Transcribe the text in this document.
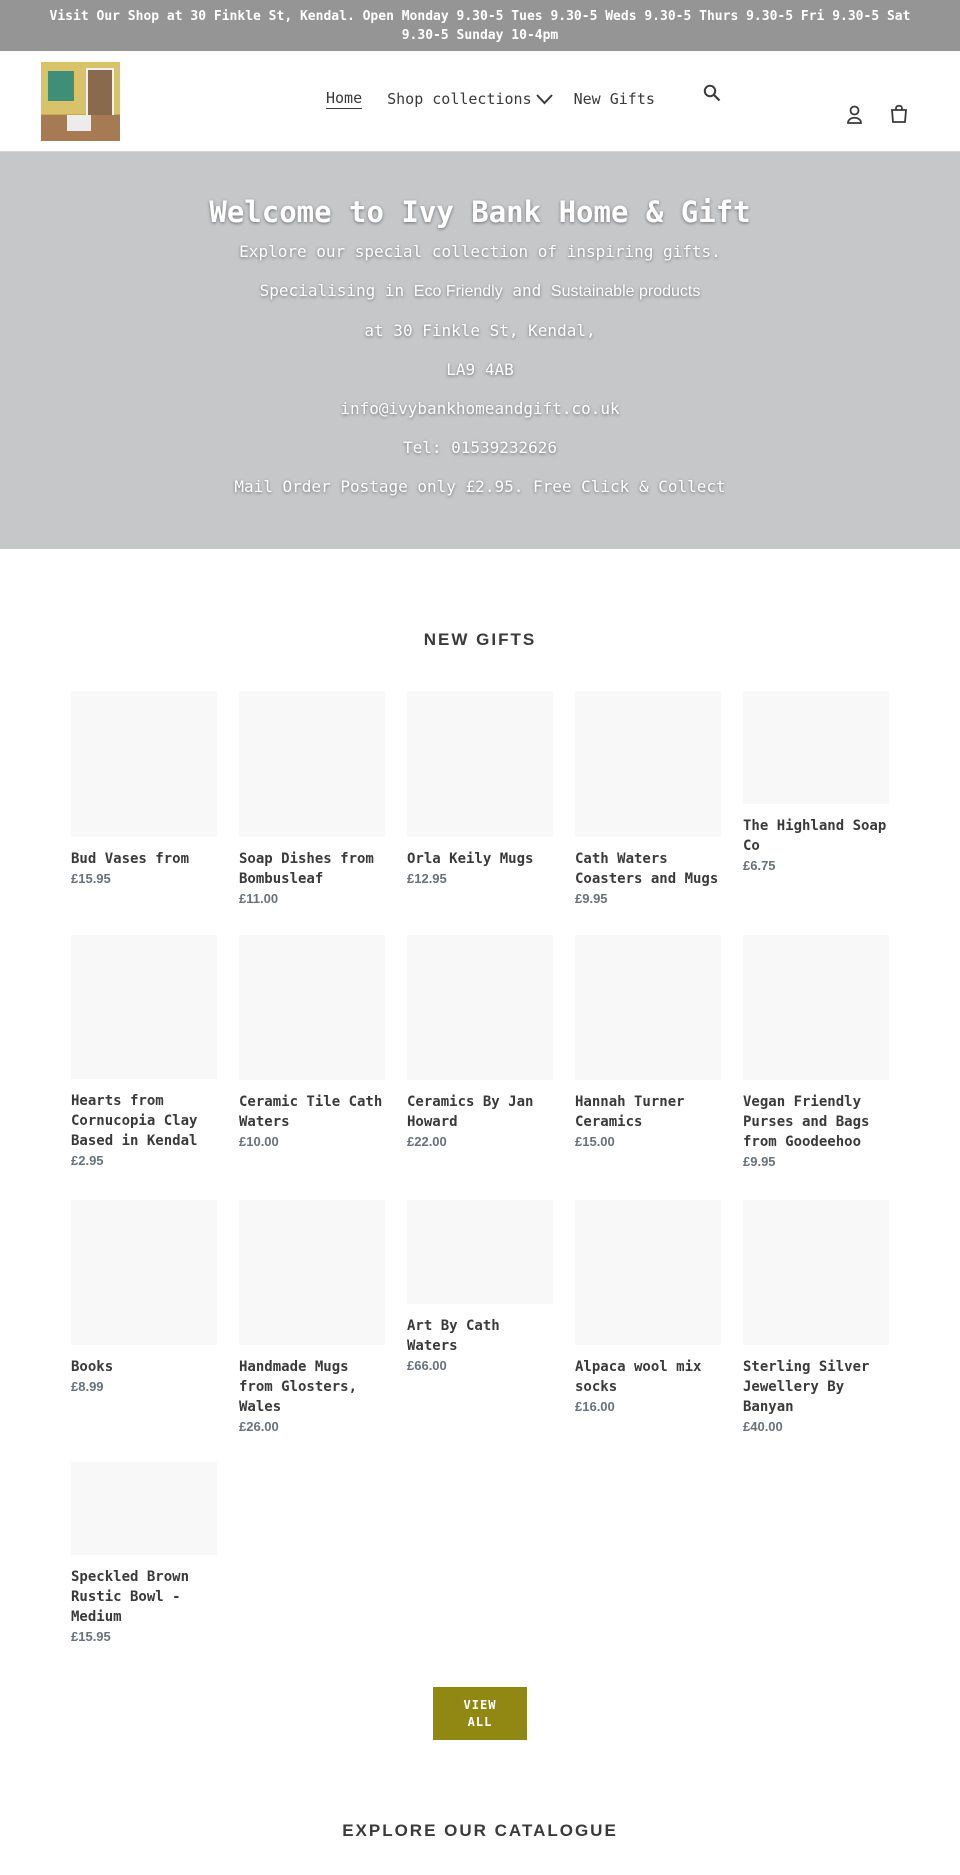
Visit Our Shop at 30 Finkle St, Kendal. Open Monday 9.30-5 Tues 9.30-5 Weds 9.30-5 Thurs 9.30-5 Fri 9.30-5 Sat 9.30-5 Sunday 10-4pm
Home Shop collections	New Gifts
Welcome to Ivy Bank Home & Gift

Explore our special collection of inspiring gifts.

Specialising in Eco Friendly and Sustainable products

at 30 Finkle St, Kendal,

LA9 4AB

info@ivybankhomeandgift.co.uk

Tel: 01539232626

Mail Order Postage only £2.95. Free Click & Collect

NEW GIFTS
Bud Vases from
£15.95
Soap Dishes from Bombusleaf
£11.00
Orla Keily Mugs
£12.95
Cath Waters Coasters and Mugs
£9.95
The Highland Soap Co
£6.75
Hearts from Cornucopia Clay Based in Kendal
£2.95
Ceramic Tile Cath Waters
£10.00
Ceramics By Jan Howard
£22.00
Hannah Turner Ceramics
£15.00
Vegan Friendly Purses and Bags from Goodeehoo
£9.95
Books
£8.99
Handmade Mugs from Glosters, Wales
£26.00
Art By Cath Waters
£66.00	Alpaca wool mix socks
£16.00
Sterling Silver Jewellery By Banyan
£40.00
Speckled Brown Rustic Bowl - Medium
£15.95
VIEW ALL
EXPLORE OUR CATALOGUE
